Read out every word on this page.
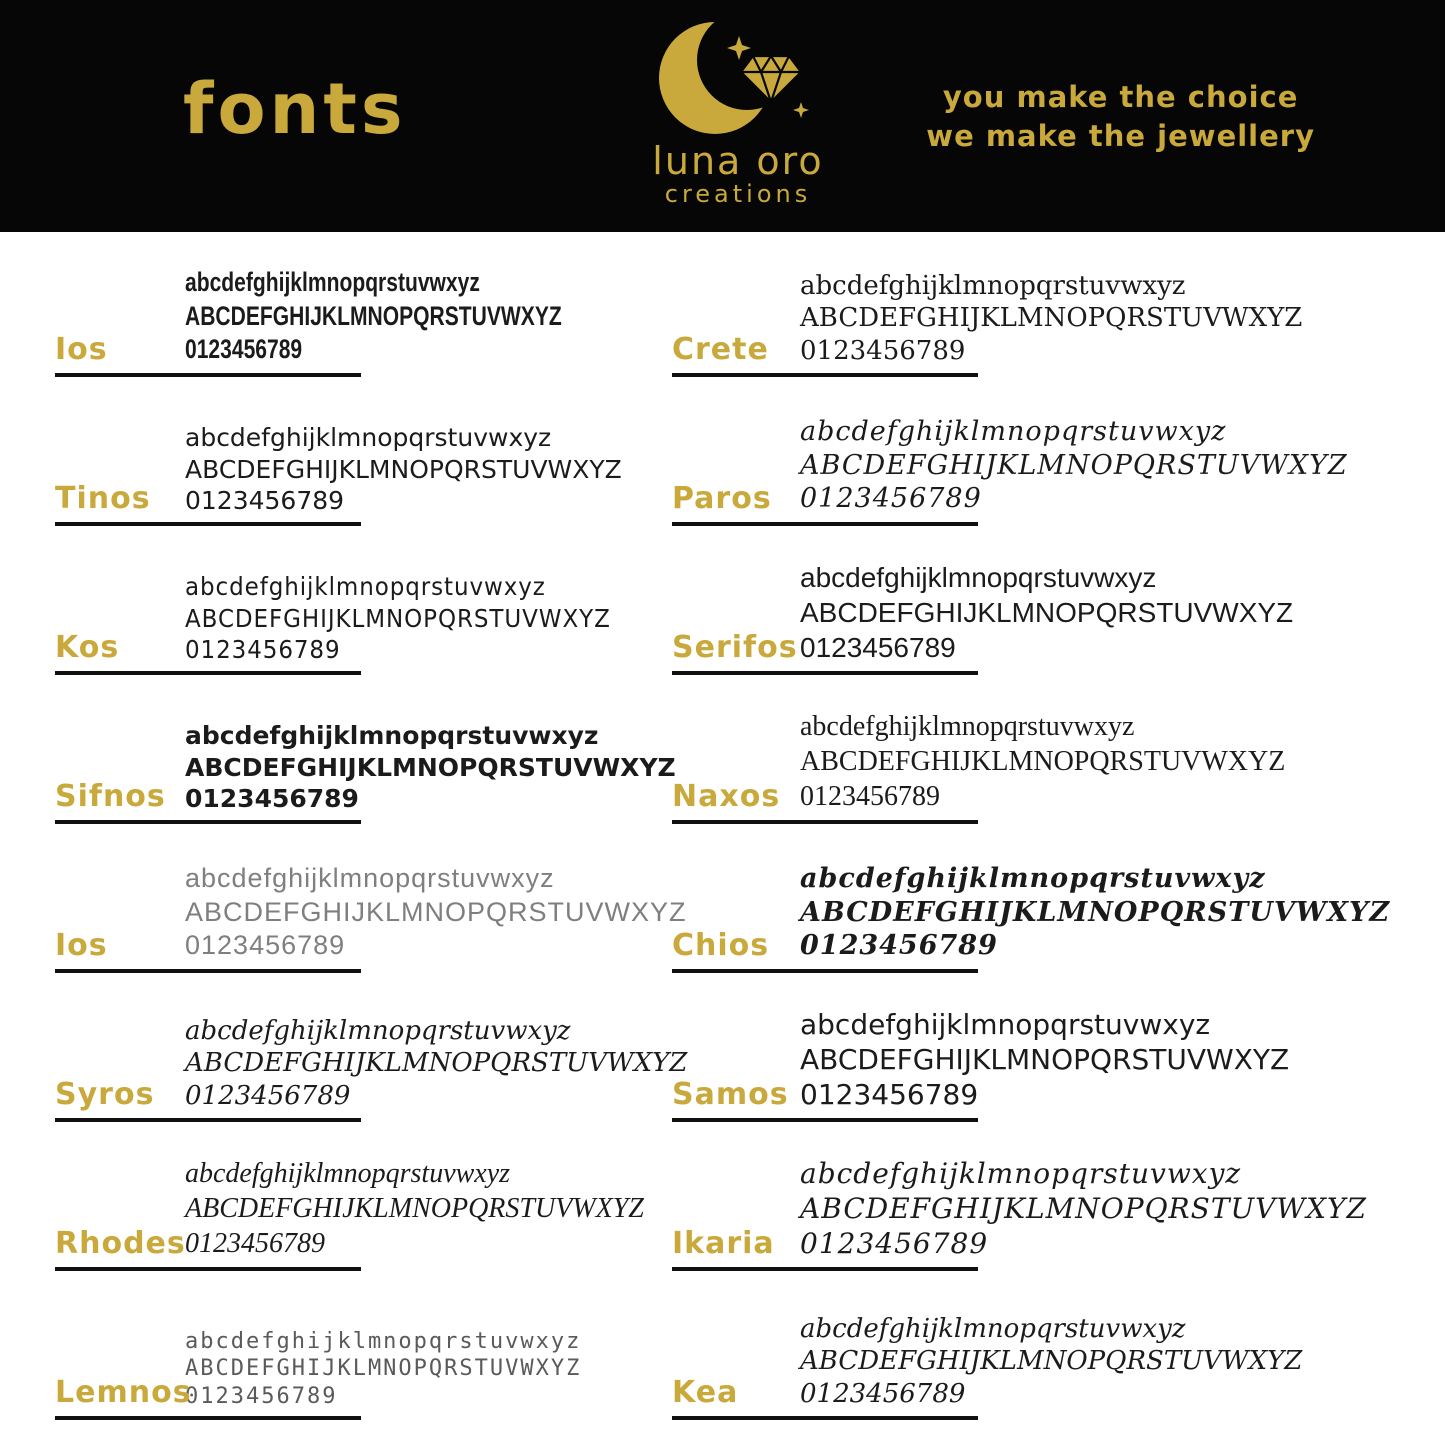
fonts
luna oro
creations
you make the choice
we make the jewellery
abcdefghijklmnopqrstuvwxyz
ABCDEFGHIJKLMNOPQRSTUVWXYZ
0123456789
Ios
abcdefghijklmnopqrstuvwxyz
ABCDEFGHIJKLMNOPQRSTUVWXYZ
0123456789
Tinos
abcdefghijklmnopqrstuvwxyz
ABCDEFGHIJKLMNOPQRSTUVWXYZ
0123456789
Kos
abcdefghijklmnopqrstuvwxyz
ABCDEFGHIJKLMNOPQRSTUVWXYZ
0123456789
Sifnos
abcdefghijklmnopqrstuvwxyz
ABCDEFGHIJKLMNOPQRSTUVWXYZ
0123456789
Ios
abcdefghijklmnopqrstuvwxyz
ABCDEFGHIJKLMNOPQRSTUVWXYZ
0123456789
Syros
abcdefghijklmnopqrstuvwxyz
ABCDEFGHIJKLMNOPQRSTUVWXYZ
0123456789
Rhodes
abcdefghijklmnopqrstuvwxyz
ABCDEFGHIJKLMNOPQRSTUVWXYZ
0123456789
Lemnos
abcdefghijklmnopqrstuvwxyz
ABCDEFGHIJKLMNOPQRSTUVWXYZ
0123456789
Crete
abcdefghijklmnopqrstuvwxyz
ABCDEFGHIJKLMNOPQRSTUVWXYZ
0123456789
Paros
abcdefghijklmnopqrstuvwxyz
ABCDEFGHIJKLMNOPQRSTUVWXYZ
0123456789
Serifos
abcdefghijklmnopqrstuvwxyz
ABCDEFGHIJKLMNOPQRSTUVWXYZ
0123456789
Naxos
abcdefghijklmnopqrstuvwxyz
ABCDEFGHIJKLMNOPQRSTUVWXYZ
0123456789
Chios
abcdefghijklmnopqrstuvwxyz
ABCDEFGHIJKLMNOPQRSTUVWXYZ
0123456789
Samos
abcdefghijklmnopqrstuvwxyz
ABCDEFGHIJKLMNOPQRSTUVWXYZ
0123456789
Ikaria
abcdefghijklmnopqrstuvwxyz
ABCDEFGHIJKLMNOPQRSTUVWXYZ
0123456789
Kea
